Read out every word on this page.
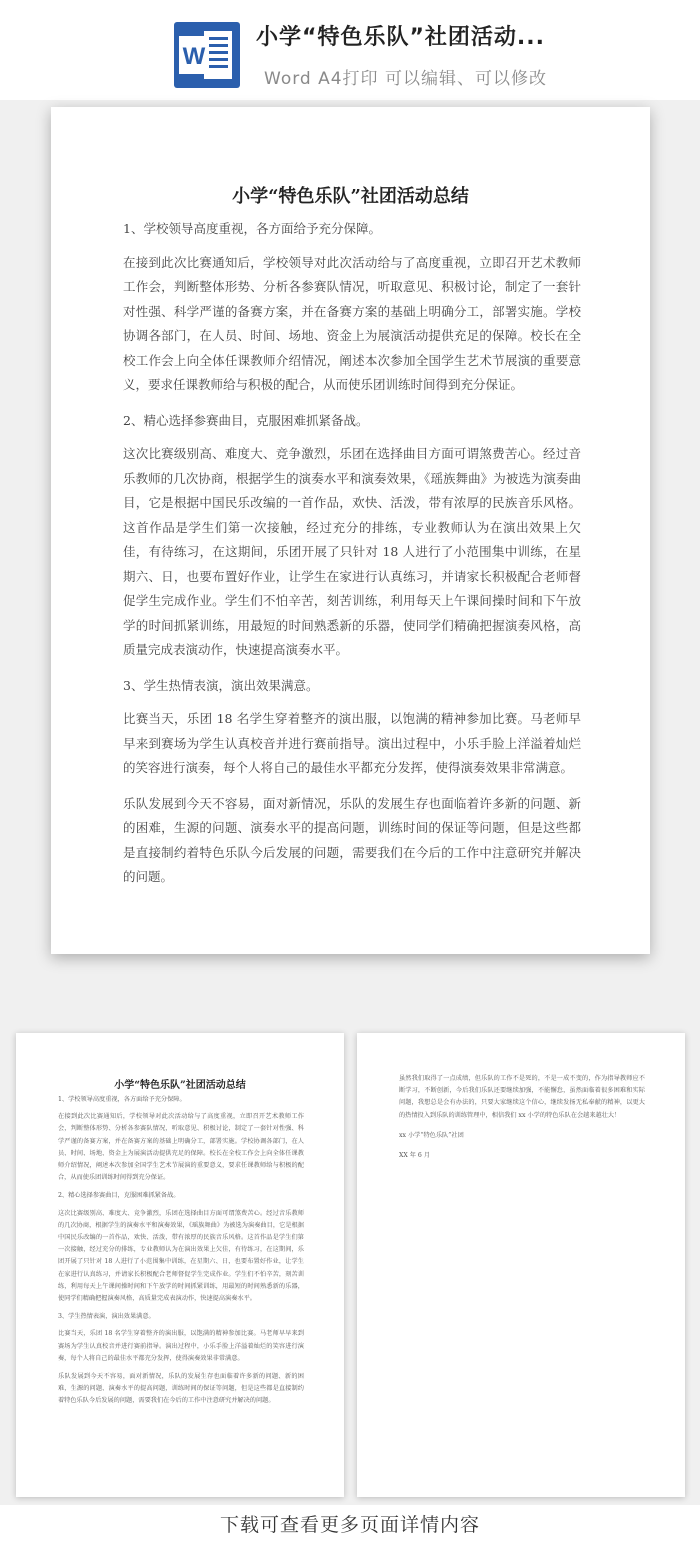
W
小学“特色乐队”社团活动...
Word A4打印 可以编辑、可以修改
小学“特色乐队”社团活动总结

1、学校领导高度重视，各方面给予充分保障。

在接到此次比赛通知后，学校领导对此次活动给与了高度重视，立即召开艺术教师工作会，判断整体形势、分析各参赛队情况，听取意见、积极讨论，制定了一套针对性强、科学严谨的备赛方案，并在备赛方案的基础上明确分工，部署实施。学校协调各部门，在人员、时间、场地、资金上为展演活动提供充足的保障。校长在全校工作会上向全体任课教师介绍情况，阐述本次参加全国学生艺术节展演的重要意义，要求任课教师给与积极的配合，从而使乐团训练时间得到充分保证。

2、精心选择参赛曲目，克服困难抓紧备战。

这次比赛级别高、难度大、竞争激烈，乐团在选择曲目方面可谓煞费苦心。经过音乐教师的几次协商，根据学生的演奏水平和演奏效果，《瑶族舞曲》为被选为演奏曲目，它是根据中国民乐改编的一首作品，欢快、活泼，带有浓厚的民族音乐风格。这首作品是学生们第一次接触，经过充分的排练，专业教师认为在演出效果上欠佳，有待练习，在这期间，乐团开展了只针对 18 人进行了小范围集中训练，在星期六、日，也要布置好作业，让学生在家进行认真练习，并请家长积极配合老师督促学生完成作业。学生们不怕辛苦，刻苦训练，利用每天上午课间操时间和下午放学的时间抓紧训练，用最短的时间熟悉新的乐器，使同学们精确把握演奏风格，高质量完成表演动作，快速提高演奏水平。

3、学生热情表演，演出效果满意。

比赛当天，乐团 18 名学生穿着整齐的演出服，以饱满的精神参加比赛。马老师早早来到赛场为学生认真校音并进行赛前指导。演出过程中，小乐手脸上洋溢着灿烂的笑容进行演奏，每个人将自己的最佳水平都充分发挥，使得演奏效果非常满意。

乐队发展到今天不容易，面对新情况，乐队的发展生存也面临着许多新的问题、新的困难，生源的问题、演奏水平的提高问题，训练时间的保证等问题，但是这些都是直接制约着特色乐队今后发展的问题，需要我们在今后的工作中注意研究并解决的问题。

小学“特色乐队”社团活动总结

1、学校领导高度重视，各方面给予充分保障。

在接到此次比赛通知后，学校领导对此次活动给与了高度重视，立即召开艺术教师工作会，判断整体形势、分析各参赛队情况，听取意见、积极讨论，制定了一套针对性强、科学严谨的备赛方案，并在备赛方案的基础上明确分工，部署实施。学校协调各部门，在人员、时间、场地、资金上为展演活动提供充足的保障。校长在全校工作会上向全体任课教师介绍情况，阐述本次参加全国学生艺术节展演的重要意义，要求任课教师给与积极的配合，从而使乐团训练时间得到充分保证。

2、精心选择参赛曲目，克服困难抓紧备战。

这次比赛级别高、难度大、竞争激烈，乐团在选择曲目方面可谓煞费苦心。经过音乐教师的几次协商，根据学生的演奏水平和演奏效果，《瑶族舞曲》为被选为演奏曲目，它是根据中国民乐改编的一首作品，欢快、活泼，带有浓厚的民族音乐风格。这首作品是学生们第一次接触，经过充分的排练，专业教师认为在演出效果上欠佳，有待练习，在这期间，乐团开展了只针对 18 人进行了小范围集中训练，在星期六、日，也要布置好作业，让学生在家进行认真练习，并请家长积极配合老师督促学生完成作业。学生们不怕辛苦，刻苦训练，利用每天上午课间操时间和下午放学的时间抓紧训练，用最短的时间熟悉新的乐器，使同学们精确把握演奏风格，高质量完成表演动作，快速提高演奏水平。

3、学生热情表演，演出效果满意。

比赛当天，乐团 18 名学生穿着整齐的演出服，以饱满的精神参加比赛。马老师早早来到赛场为学生认真校音并进行赛前指导。演出过程中，小乐手脸上洋溢着灿烂的笑容进行演奏，每个人将自己的最佳水平都充分发挥，使得演奏效果非常满意。

乐队发展到今天不容易，面对新情况，乐队的发展生存也面临着许多新的问题、新的困难，生源的问题、演奏水平的提高问题，训练时间的保证等问题，但是这些都是直接制约着特色乐队今后发展的问题，需要我们在今后的工作中注意研究并解决的问题。

虽然我们取得了一点成绩，但乐队的工作不是死的，不是一成不变的，作为指导教师应不断学习，不断创新，今后我们乐队还要继续加强，不能懈怠，虽然面临着很多困难和实际问题，我想总是会有办法的，只要大家继续这个信心，继续发扬无私奉献的精神，以更大的热情投入到乐队的训练管理中，相信我们 xx 小学的特色乐队在会越来越壮大！

xx 小学“特色乐队”社团

XX 年 6 月

下载可查看更多页面详情内容
